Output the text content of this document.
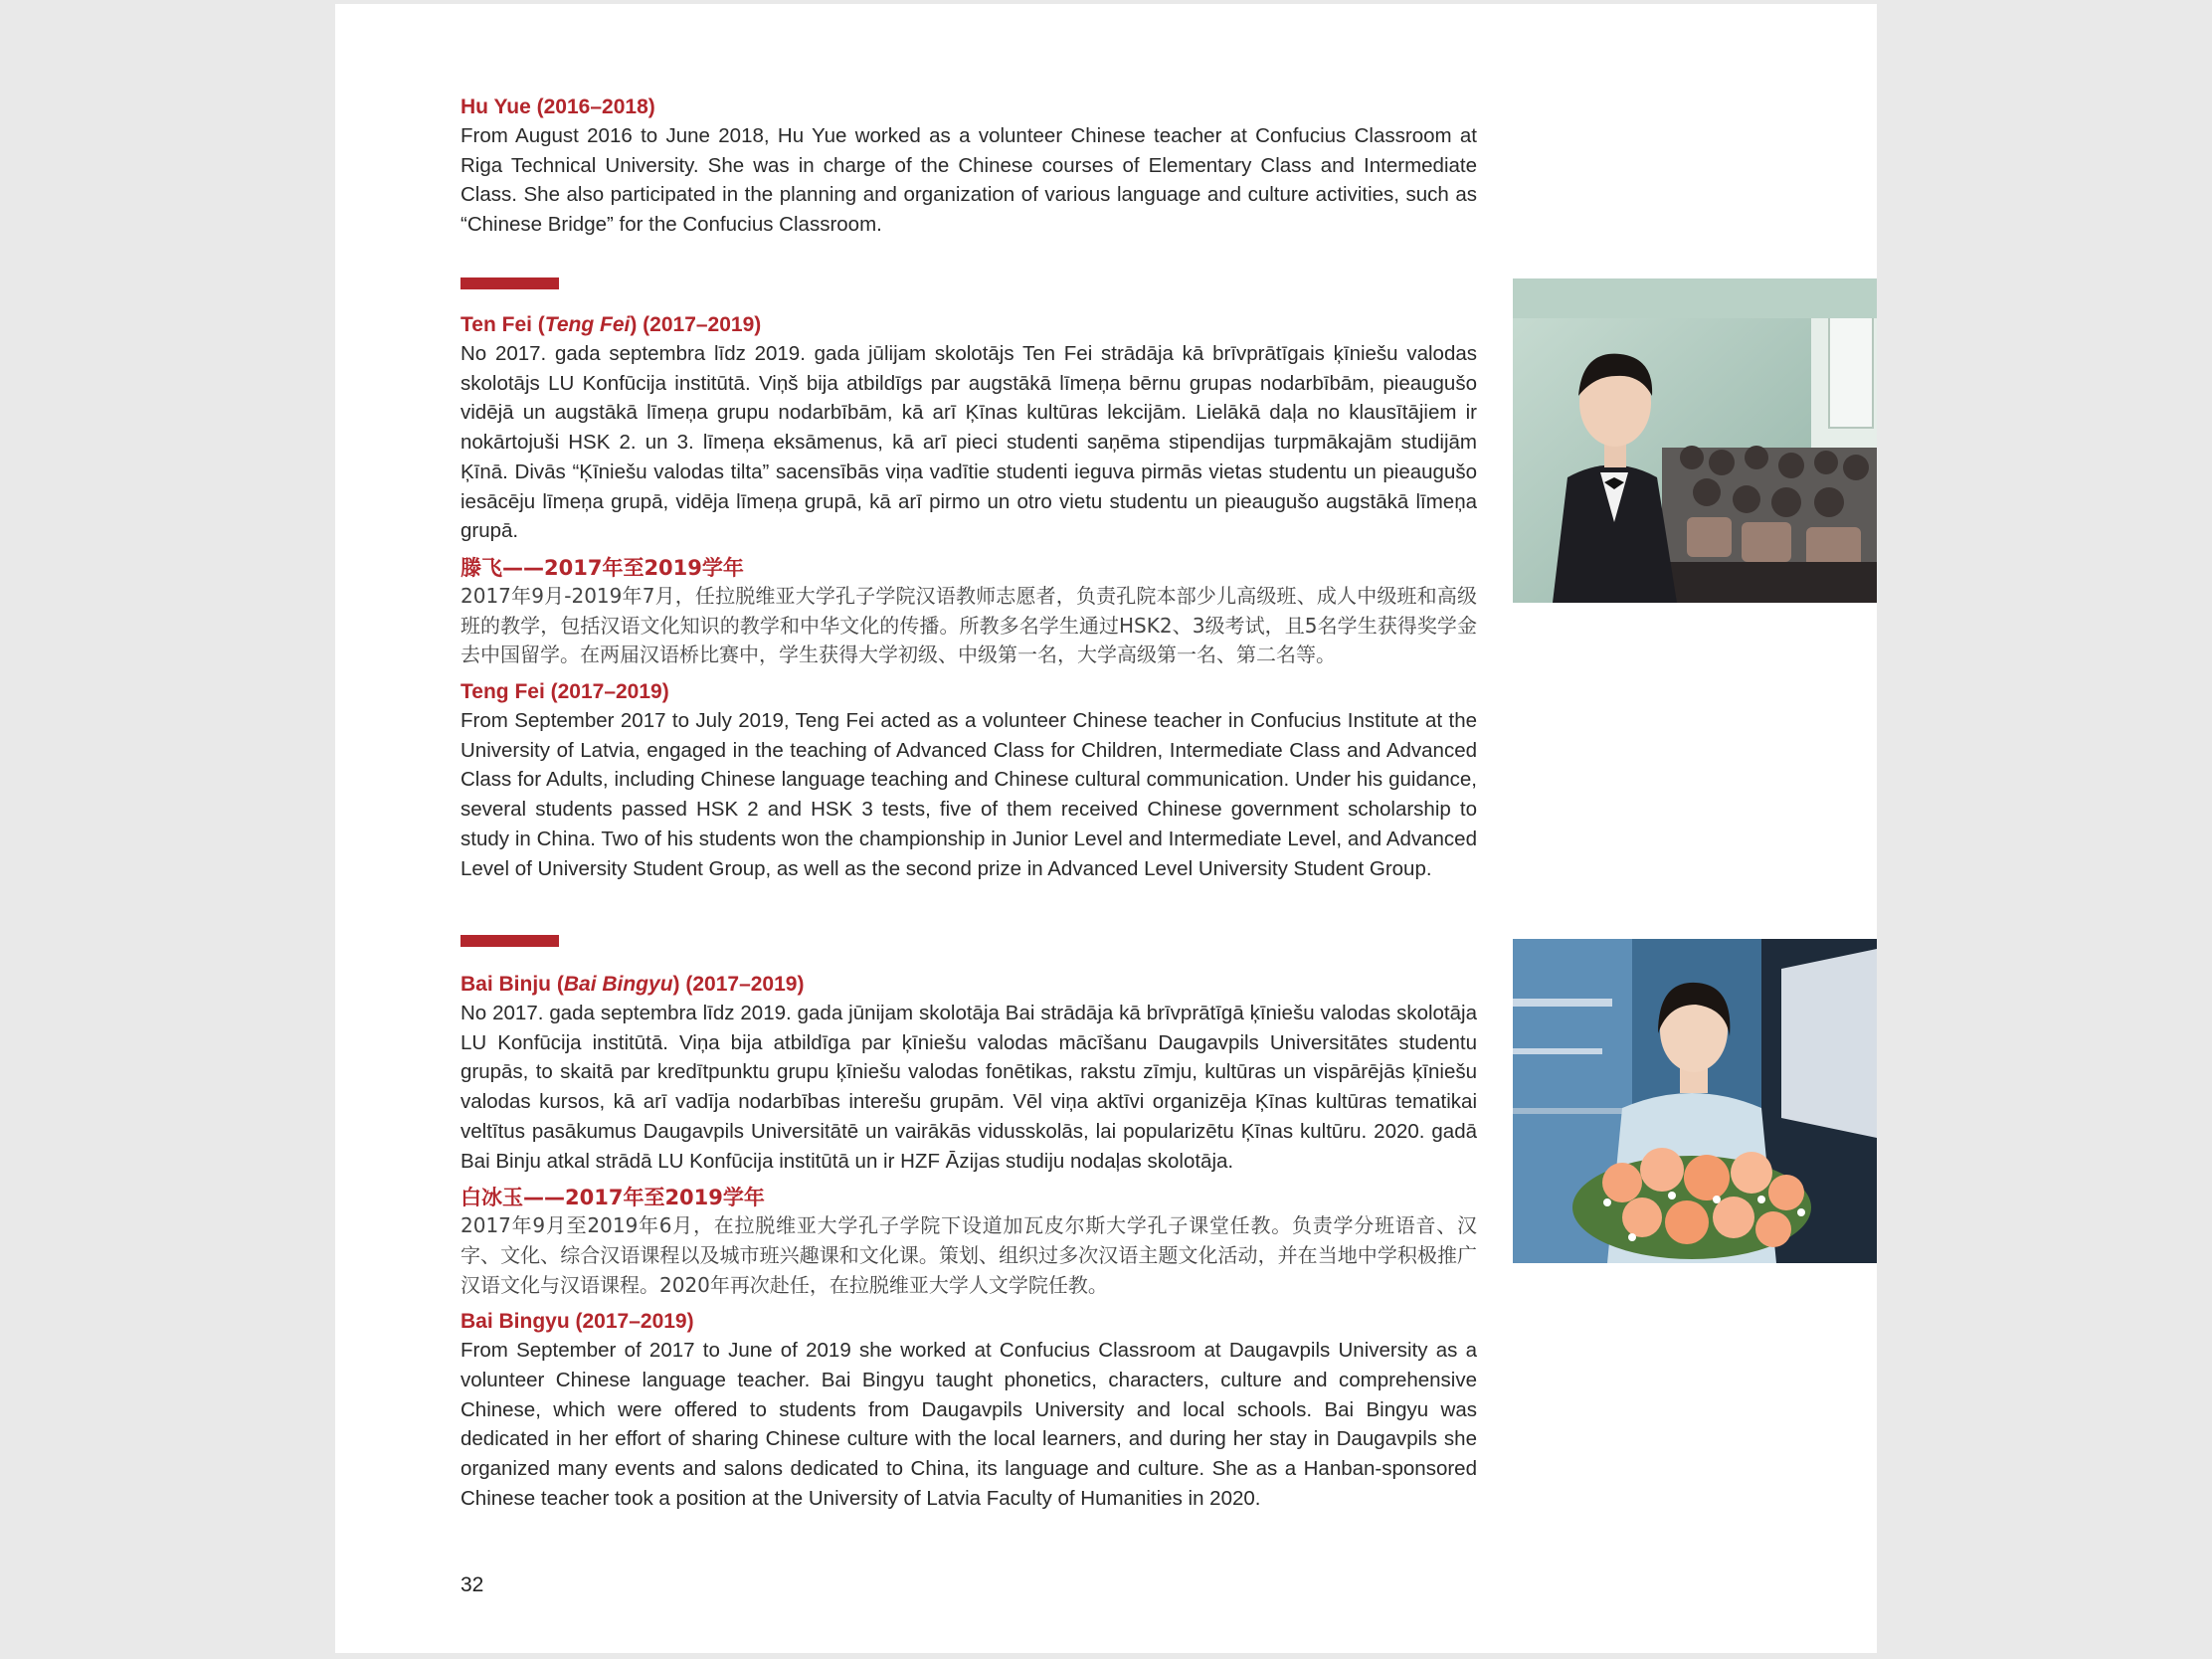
Hu Yue (2016–2018)

From August 2016 to June 2018, Hu Yue worked as a volunteer Chinese teacher at Confucius Classroom at Riga Technical University. She was in charge of the Chinese courses of Elementary Class and Intermediate Class. She also participated in the planning and organization of various language and culture activities, such as “Chinese Bridge” for the Confucius Classroom.

Ten Fei (Teng Fei) (2017–2019)

No 2017. gada septembra līdz 2019. gada jūlijam skolotājs Ten Fei strādāja kā brīvprātīgais ķīniešu valodas skolotājs LU Konfūcija institūtā. Viņš bija atbildīgs par augstākā līmeņa bērnu grupas nodarbībām, pieaugušo vidējā un augstākā līmeņa grupu nodarbībām, kā arī Ķīnas kultūras lekcijām. Lielākā daļa no klausītājiem ir nokārtojuši HSK 2. un 3. līmeņa eksāmenus, kā arī pieci studenti saņēma stipendijas turpmākajām studijām Ķīnā. Divās “Ķīniešu valodas tilta” sacensībās viņa vadītie studenti ieguva pirmās vietas studentu un pieaugušo iesācēju līmeņa grupā, vidēja līmeņa grupā, kā arī pirmo un otro vietu studentu un pieaugušo augstākā līmeņa grupā.

滕飞——2017年至2019学年

2017年9月-2019年7月，任拉脱维亚大学孔子学院汉语教师志愿者，负责孔院本部少儿高级班、成人中级班和高级班的教学，包括汉语文化知识的教学和中华文化的传播。所教多名学生通过HSK2、3级考试，且5名学生获得奖学金去中国留学。在两届汉语桥比赛中，学生获得大学初级、中级第一名，大学高级第一名、第二名等。

Teng Fei (2017–2019)

From September 2017 to July 2019, Teng Fei acted as a volunteer Chinese teacher in Confucius Institute at the University of Latvia, engaged in the teaching of Advanced Class for Children, Intermediate Class and Advanced Class for Adults, including Chinese language teaching and Chinese cultural communication. Under his guidance, several students passed HSK 2 and HSK 3 tests, five of them received Chinese government scholarship to study in China. Two of his students won the championship in Junior Level and Intermediate Level, and Advanced Level of University Student Group, as well as the second prize in Advanced Level University Student Group.

Bai Binju (Bai Bingyu) (2017–2019)

No 2017. gada septembra līdz 2019. gada jūnijam skolotāja Bai strādāja kā brīvprātīgā ķīniešu valodas skolotāja LU Konfūcija institūtā. Viņa bija atbildīga par ķīniešu valodas mācīšanu Daugavpils Universitātes studentu grupās, to skaitā par kredītpunktu grupu ķīniešu valodas fonētikas, rakstu zīmju, kultūras un vispārējās ķīniešu valodas kursos, kā arī vadīja nodarbības interešu grupām. Vēl viņa aktīvi organizēja Ķīnas kultūras tematikai veltītus pasākumus Daugavpils Universitātē un vairākās vidusskolās, lai popularizētu Ķīnas kultūru. 2020. gadā Bai Binju atkal strādā LU Konfūcija institūtā un ir HZF Āzijas studiju nodaļas skolotāja.

白冰玉——2017年至2019学年

2017年9月至2019年6月，在拉脱维亚大学孔子学院下设道加瓦皮尔斯大学孔子课堂任教。负责学分班语音、汉字、文化、综合汉语课程以及城市班兴趣课和文化课。策划、组织过多次汉语主题文化活动，并在当地中学积极推广汉语文化与汉语课程。2020年再次赴任，在拉脱维亚大学人文学院任教。

Bai Bingyu (2017–2019)

From September of 2017 to June of 2019 she worked at Confucius Classroom at Daugavpils University as a volunteer Chinese language teacher. Bai Bingyu taught phonetics, characters, culture and comprehensive Chinese, which were offered to students from Daugavpils University and local schools. Bai Bingyu was dedicated in her effort of sharing Chinese culture with the local learners, and during her stay in Daugavpils she organized many events and salons dedicated to China, its language and culture. She as a Hanban-sponsored Chinese teacher took a position at the University of Latvia Faculty of Humanities in 2020.

32
